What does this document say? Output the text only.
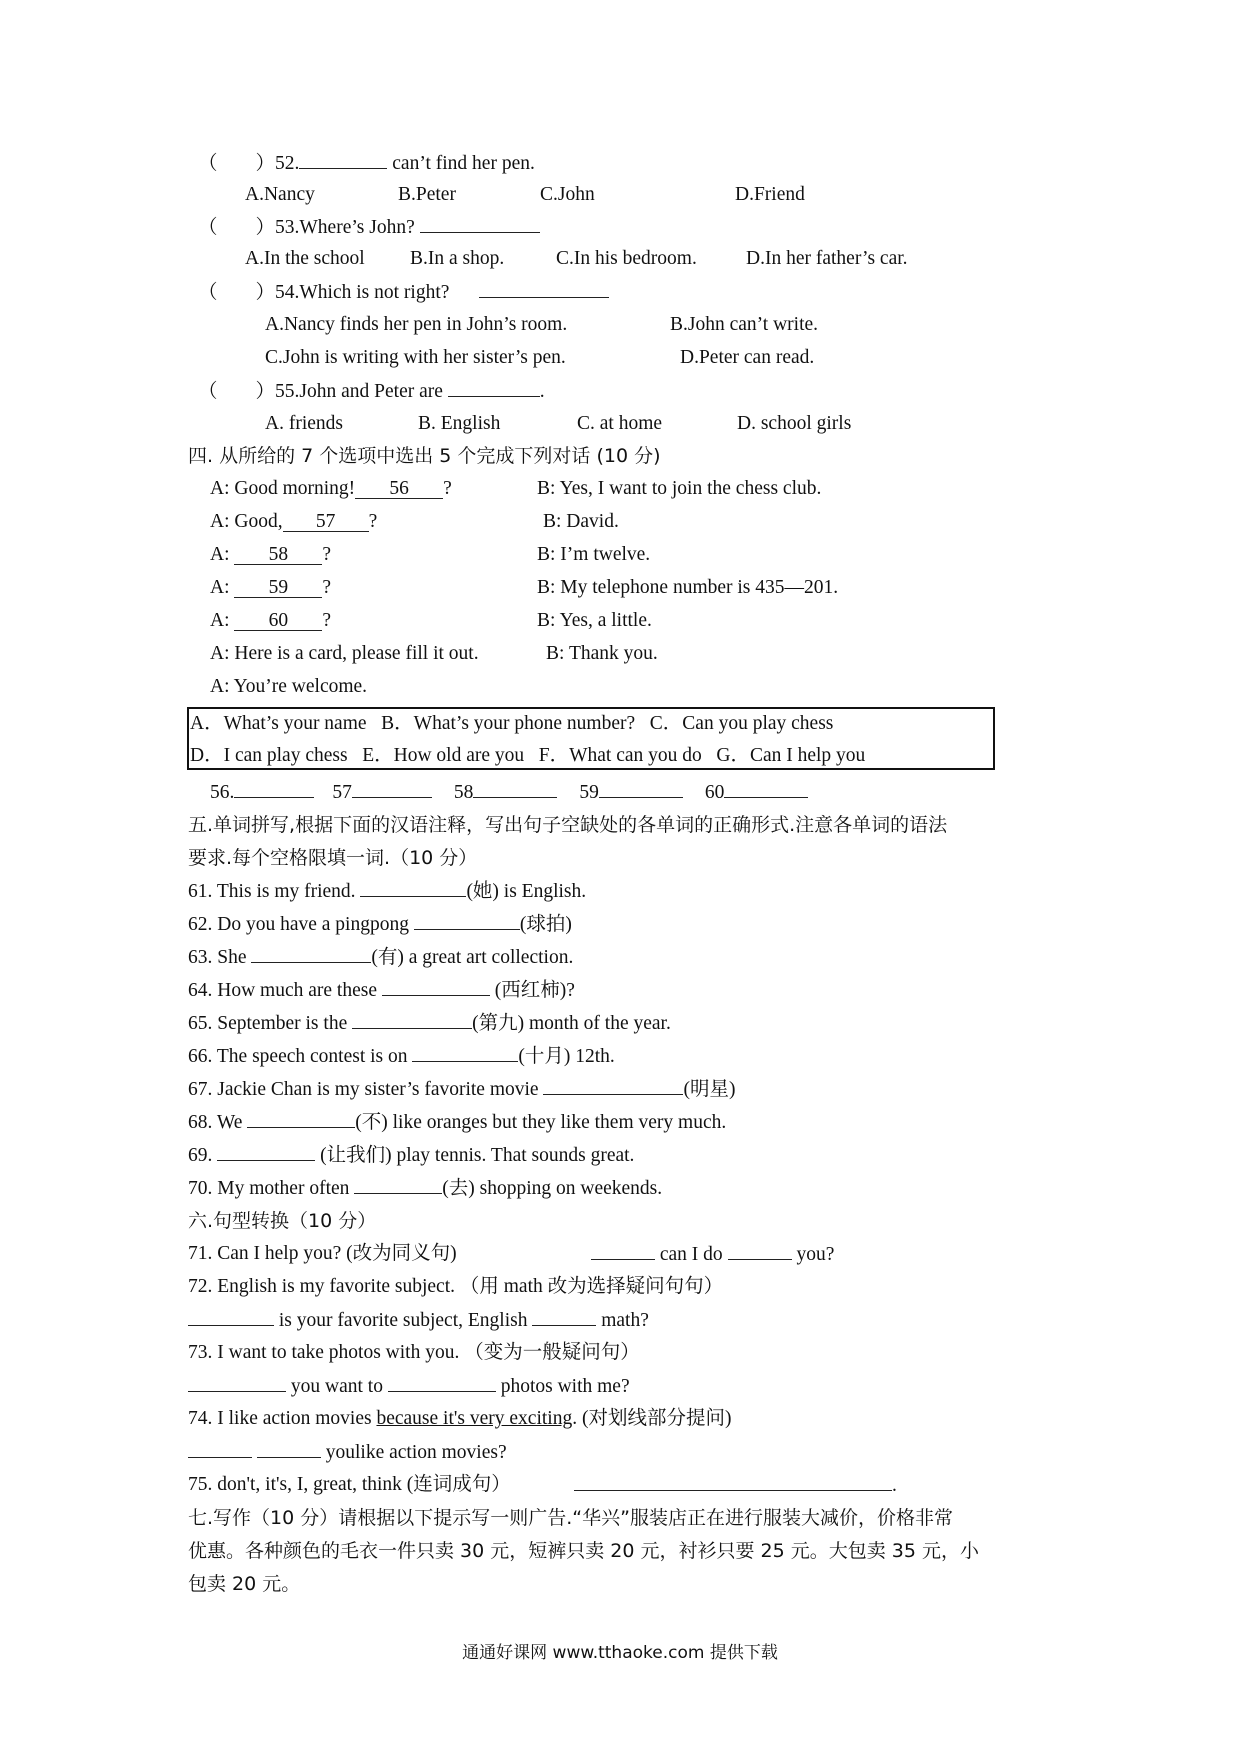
（ ）52.	can’t find her pen.
A.Nancy	B.Peter	C.John	D.Friend
（ ）53.Where’s John?
A.In the school B.In a shop.	C.In his bedroom.	D.In her father’s car.
（ ）54.Which is not right?
A.Nancy finds her pen in John’s room.	B.John can’t write.
C.John is writing with her sister’s pen.	D.Peter can read.
（ ）55.John and Peter are	.
A. friends	B. English	C. at home	D. school girls
四. 从所给的 7 个选项中选出 5 个完成下列对话 (10 分)
A: Good morning! 56 ?	B: Yes, I want to join the chess club.
A: Good, 57 ?	B: David.
A: 58 ?	B: I’m twelve.
A: 59 ?	B: My telephone number is 435—201.
A: 60 ?	B: Yes, a little.
A: Here is a card, please fill it out.	B: Thank you.
A: You’re welcome.
A．What’s your name   B．What’s your phone number?   C．Can you play chess
D．I can play chess   E．How old are you   F．What can you do   G．Can I help you
56.	57	58	59	60
五.单词拼写,根据下面的汉语注释，写出句子空缺处的各单词的正确形式.注意各单词的语法
要求.每个空格限填一词.（10 分）
61. This is my friend.	(她) is English.
62. Do you have a pingpong	(球拍)
63. She	(有) a great art collection.
64. How much are these	(西红柿)?
65. September is the	(第九) month of the year.
66. The speech contest is on	(十月) 12th.
67. Jackie Chan is my sister’s favorite movie	(明星)
68. We	(不) like oranges but they like them very much.
69.	(让我们) play tennis. That sounds great.
70. My mother often	(去) shopping on weekends.
六.句型转换（10 分）
71. Can I help you? (改为同义句)	can I do	you?
72. English is my favorite subject. （用 math 改为选择疑问句句）
is your favorite subject, English	math?
73. I want to take photos with you. （变为一般疑问句）
you want to	photos with me?
74. I like action movies because it's very exciting. (对划线部分提问)
youlike action movies?
75. don't, it's, I, great, think (连词成句）	.
七.写作（10 分）请根据以下提示写一则广告.“华兴”服装店正在进行服装大减价，价格非常
优惠。各种颜色的毛衣一件只卖 30 元，短裤只卖 20 元，衬衫只要 25 元。大包卖 35 元，小
包卖 20 元。
通通好课网 www.tthaoke.com 提供下载
